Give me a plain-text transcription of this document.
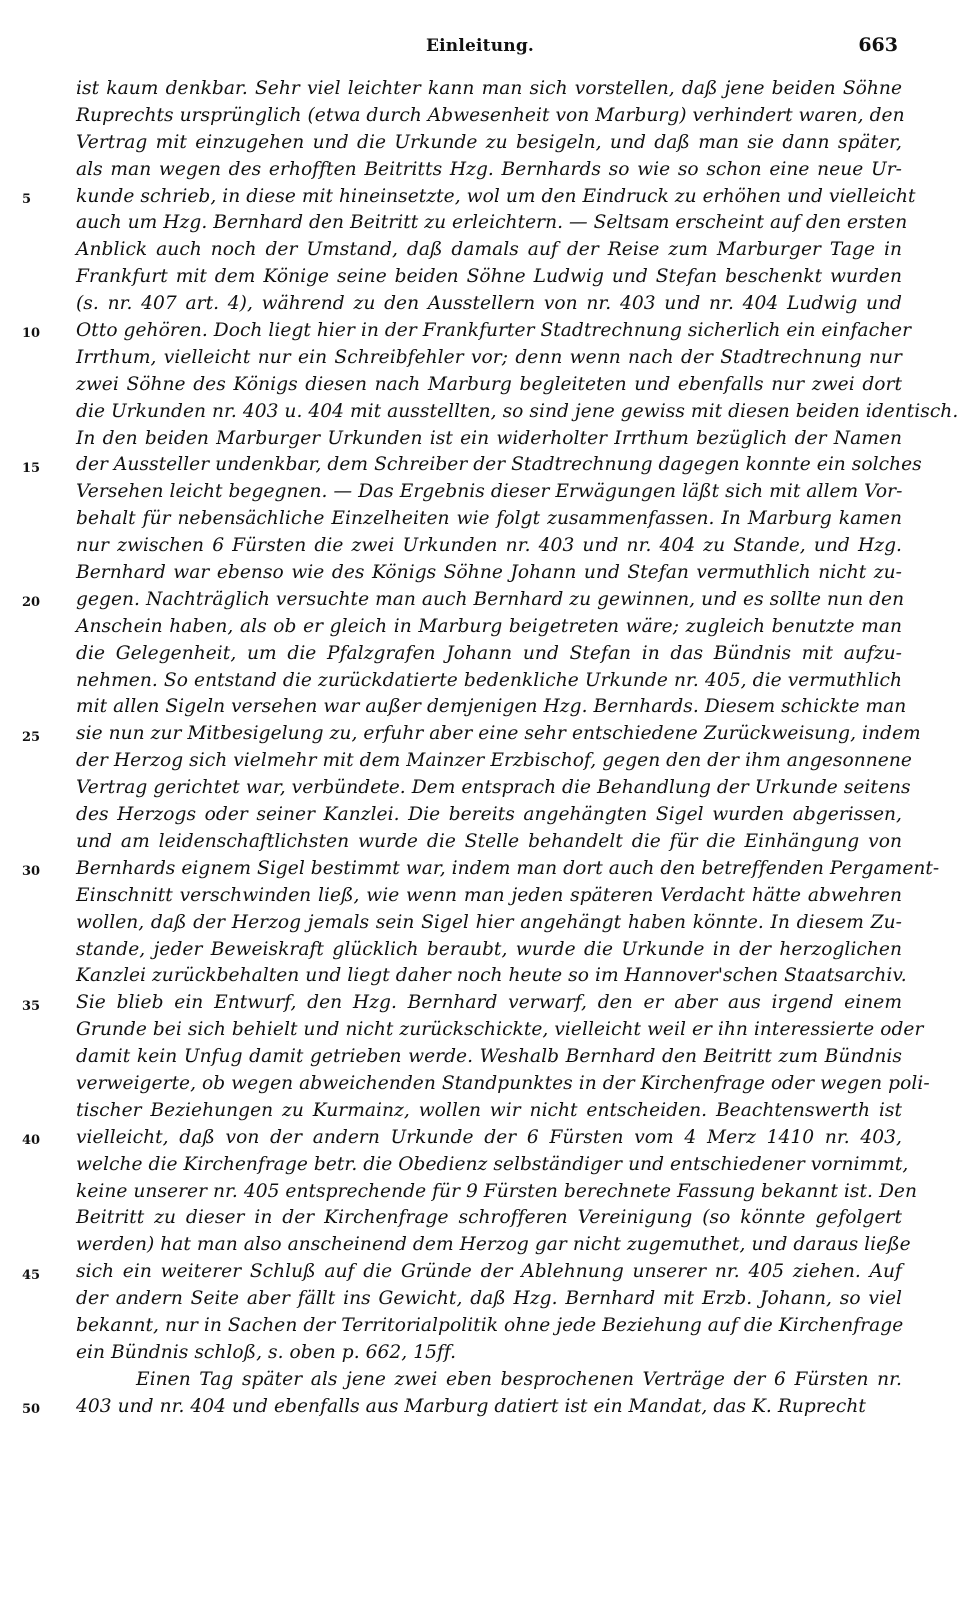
Einleitung.	663
ist kaum denkbar. Sehr viel leichter kann man sich vorstellen, daß jene beiden Söhne
Ruprechts ursprünglich (etwa durch Abwesenheit von Marburg) verhindert waren, den
Vertrag mit einzugehen und die Urkunde zu besigeln, und daß man sie dann später,
als man wegen des erhofften Beitritts Hzg. Bernhards so wie so schon eine neue Ur-
kunde schrieb, in diese mit hineinsetzte, wol um den Eindruck zu erhöhen und vielleicht
auch um Hzg. Bernhard den Beitritt zu erleichtern. — Seltsam erscheint auf den ersten
Anblick auch noch der Umstand, daß damals auf der Reise zum Marburger Tage in
Frankfurt mit dem Könige seine beiden Söhne Ludwig und Stefan beschenkt wurden
(s. nr. 407 art. 4), während zu den Ausstellern von nr. 403 und nr. 404 Ludwig und
Otto gehören. Doch liegt hier in der Frankfurter Stadtrechnung sicherlich ein einfacher
Irrthum, vielleicht nur ein Schreibfehler vor; denn wenn nach der Stadtrechnung nur
zwei Söhne des Königs diesen nach Marburg begleiteten und ebenfalls nur zwei dort
die Urkunden nr. 403 u. 404 mit ausstellten, so sind jene gewiss mit diesen beiden identisch.
In den beiden Marburger Urkunden ist ein widerholter Irrthum bezüglich der Namen
der Aussteller undenkbar, dem Schreiber der Stadtrechnung dagegen konnte ein solches
Versehen leicht begegnen. — Das Ergebnis dieser Erwägungen läßt sich mit allem Vor-
behalt für nebensächliche Einzelheiten wie folgt zusammenfassen. In Marburg kamen
nur zwischen 6 Fürsten die zwei Urkunden nr. 403 und nr. 404 zu Stande, und Hzg.
Bernhard war ebenso wie des Königs Söhne Johann und Stefan vermuthlich nicht zu-
gegen. Nachträglich versuchte man auch Bernhard zu gewinnen, und es sollte nun den
Anschein haben, als ob er gleich in Marburg beigetreten wäre; zugleich benutzte man
die Gelegenheit, um die Pfalzgrafen Johann und Stefan in das Bündnis mit aufzu-
nehmen. So entstand die zurückdatierte bedenkliche Urkunde nr. 405, die vermuthlich
mit allen Sigeln versehen war außer demjenigen Hzg. Bernhards. Diesem schickte man
sie nun zur Mitbesigelung zu, erfuhr aber eine sehr entschiedene Zurückweisung, indem
der Herzog sich vielmehr mit dem Mainzer Erzbischof, gegen den der ihm angesonnene
Vertrag gerichtet war, verbündete. Dem entsprach die Behandlung der Urkunde seitens
des Herzogs oder seiner Kanzlei. Die bereits angehängten Sigel wurden abgerissen,
und am leidenschaftlichsten wurde die Stelle behandelt die für die Einhängung von
Bernhards eignem Sigel bestimmt war, indem man dort auch den betreffenden Pergament-
Einschnitt verschwinden ließ, wie wenn man jeden späteren Verdacht hätte abwehren
wollen, daß der Herzog jemals sein Sigel hier angehängt haben könnte. In diesem Zu-
stande, jeder Beweiskraft glücklich beraubt, wurde die Urkunde in der herzoglichen
Kanzlei zurückbehalten und liegt daher noch heute so im Hannover'schen Staatsarchiv.
Sie blieb ein Entwurf, den Hzg. Bernhard verwarf, den er aber aus irgend einem
Grunde bei sich behielt und nicht zurückschickte, vielleicht weil er ihn interessierte oder
damit kein Unfug damit getrieben werde. Weshalb Bernhard den Beitritt zum Bündnis
verweigerte, ob wegen abweichenden Standpunktes in der Kirchenfrage oder wegen poli-
tischer Beziehungen zu Kurmainz, wollen wir nicht entscheiden. Beachtenswerth ist
vielleicht, daß von der andern Urkunde der 6 Fürsten vom 4 Merz 1410 nr. 403,
welche die Kirchenfrage betr. die Obedienz selbständiger und entschiedener vornimmt,
keine unserer nr. 405 entsprechende für 9 Fürsten berechnete Fassung bekannt ist. Den
Beitritt zu dieser in der Kirchenfrage schrofferen Vereinigung (so könnte gefolgert
werden) hat man also anscheinend dem Herzog gar nicht zugemuthet, und daraus ließe
sich ein weiterer Schluß auf die Gründe der Ablehnung unserer nr. 405 ziehen. Auf
der andern Seite aber fällt ins Gewicht, daß Hzg. Bernhard mit Erzb. Johann, so viel
bekannt, nur in Sachen der Territorialpolitik ohne jede Beziehung auf die Kirchenfrage
ein Bündnis schloß, s. oben p. 662, 15ff.
Einen Tag später als jene zwei eben besprochenen Verträge der 6 Fürsten nr.
403 und nr. 404 und ebenfalls aus Marburg datiert ist ein Mandat, das K. Ruprecht
5
10
15
20
25
30
35
40
45
50
